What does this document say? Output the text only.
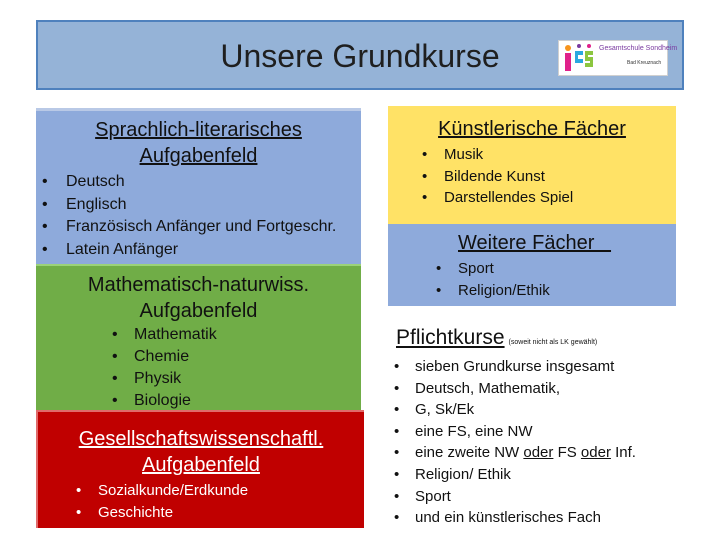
Unsere Grundkurse	Gesamtschule Sondheim
Bad Kreuznach
Sprachlich-literarisches
Aufgabenfeld
• Deutsch
• Englisch
• Französisch Anfänger und Fortgeschr.
• Latein Anfänger
Mathematisch-naturwiss.
Aufgabenfeld
• Mathematik
• Chemie
• Physik
• Biologie
Gesellschaftswissenschaftl.
Aufgabenfeld
• Sozialkunde/Erdkunde
• Geschichte
Künstlerische Fächer
• Musik
• Bildende Kunst
• Darstellendes Spiel
Weitere Fächer
• Sport
• Religion/Ethik
Pflichtkurse (soweit nicht als LK gewählt)
• sieben Grundkurse insgesamt
• Deutsch, Mathematik,
• G, Sk/Ek
• eine FS, eine NW
• eine zweite NW oder FS oder Inf.
• Religion/ Ethik
• Sport
• und ein künstlerisches Fach
